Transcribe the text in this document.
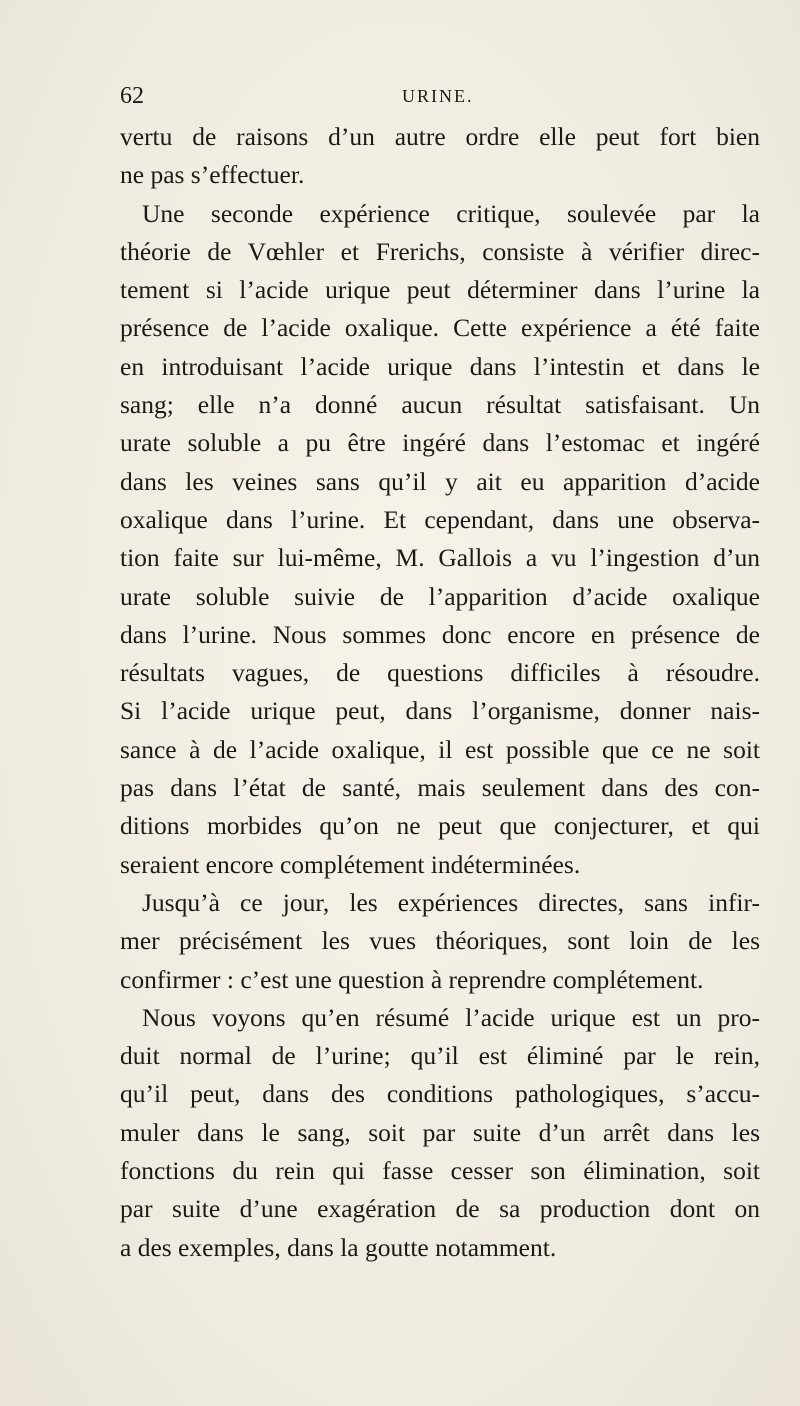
62	URINE.
vertu de raisons d’un autre ordre elle peut fort bien
ne pas s’effectuer.
Une seconde expérience critique, soulevée par la
théorie de Vœhler et Frerichs, consiste à vérifier direc-
tement si l’acide urique peut déterminer dans l’urine la
présence de l’acide oxalique. Cette expérience a été faite
en introduisant l’acide urique dans l’intestin et dans le
sang; elle n’a donné aucun résultat satisfaisant. Un
urate soluble a pu être ingéré dans l’estomac et ingéré
dans les veines sans qu’il y ait eu apparition d’acide
oxalique dans l’urine. Et cependant, dans une observa-
tion faite sur lui-même, M. Gallois a vu l’ingestion d’un
urate soluble suivie de l’apparition d’acide oxalique
dans l’urine. Nous sommes donc encore en présence de
résultats vagues, de questions difficiles à résoudre.
Si l’acide urique peut, dans l’organisme, donner nais-
sance à de l’acide oxalique, il est possible que ce ne soit
pas dans l’état de santé, mais seulement dans des con-
ditions morbides qu’on ne peut que conjecturer, et qui
seraient encore complétement indéterminées.
Jusqu’à ce jour, les expériences directes, sans infir-
mer précisément les vues théoriques, sont loin de les
confirmer : c’est une question à reprendre complétement.
Nous voyons qu’en résumé l’acide urique est un pro-
duit normal de l’urine; qu’il est éliminé par le rein,
qu’il peut, dans des conditions pathologiques, s’accu-
muler dans le sang, soit par suite d’un arrêt dans les
fonctions du rein qui fasse cesser son élimination, soit
par suite d’une exagération de sa production dont on
a des exemples, dans la goutte notamment.
